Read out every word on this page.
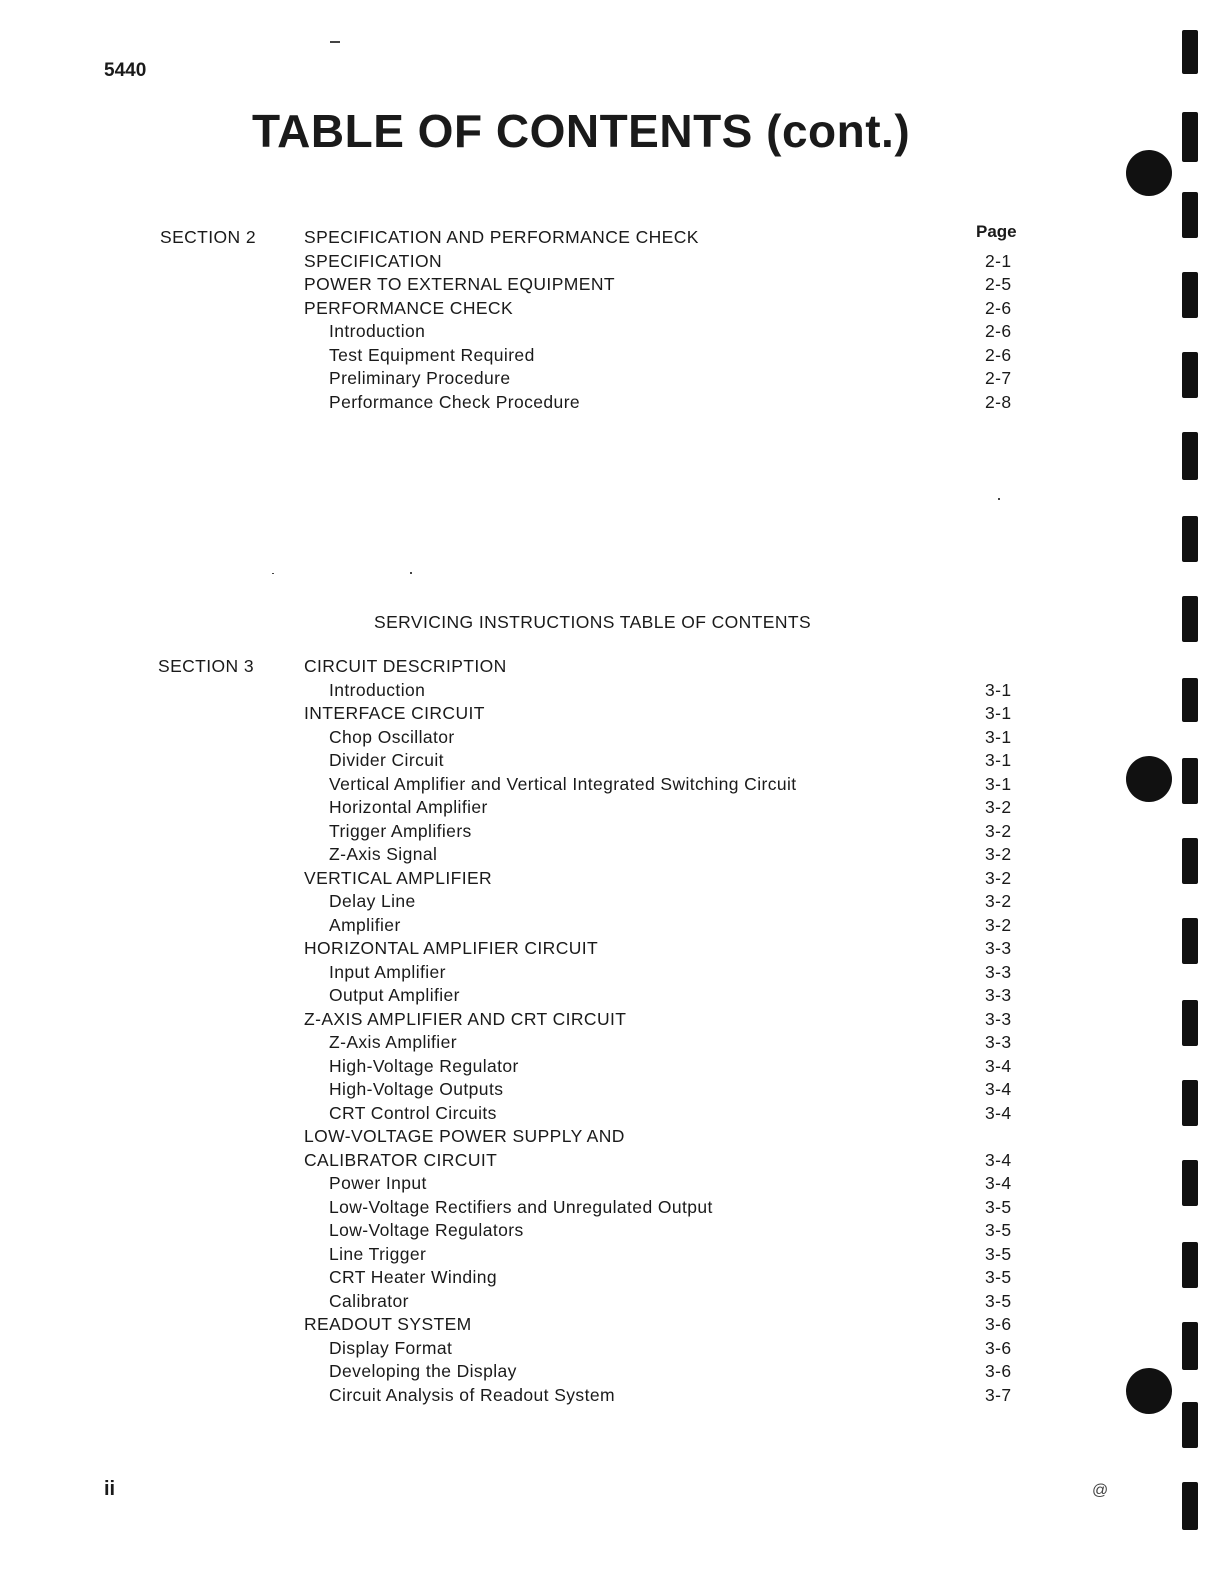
5440
TABLE OF CONTENTS (cont.)
SECTION 2	Page
SPECIFICATION AND PERFORMANCE CHECK
SPECIFICATION	2-1
POWER TO EXTERNAL EQUIPMENT	2-5
PERFORMANCE CHECK	2-6
Introduction	2-6
Test Equipment Required	2-6
Preliminary Procedure	2-7
Performance Check Procedure	2-8
SERVICING INSTRUCTIONS TABLE OF CONTENTS
SECTION 3	CIRCUIT DESCRIPTION
Introduction	3-1
INTERFACE CIRCUIT	3-1
Chop Oscillator	3-1
Divider Circuit	3-1
Vertical Amplifier and Vertical Integrated Switching Circuit	3-1
Horizontal Amplifier	3-2
Trigger Amplifiers	3-2
Z-Axis Signal	3-2
VERTICAL AMPLIFIER	3-2
Delay Line	3-2
Amplifier	3-2
HORIZONTAL AMPLIFIER CIRCUIT	3-3
Input Amplifier	3-3
Output Amplifier	3-3
Z-AXIS AMPLIFIER AND CRT CIRCUIT	3-3
Z-Axis Amplifier	3-3
High-Voltage Regulator	3-4
High-Voltage Outputs	3-4
CRT Control Circuits	3-4
LOW-VOLTAGE POWER SUPPLY AND
CALIBRATOR CIRCUIT	3-4
Power Input	3-4
Low-Voltage Rectifiers and Unregulated Output	3-5
Low-Voltage Regulators	3-5
Line Trigger	3-5
CRT Heater Winding	3-5
Calibrator	3-5
READOUT SYSTEM	3-6
Display Format	3-6
Developing the Display	3-6
Circuit Analysis of Readout System	3-7
ii	@
